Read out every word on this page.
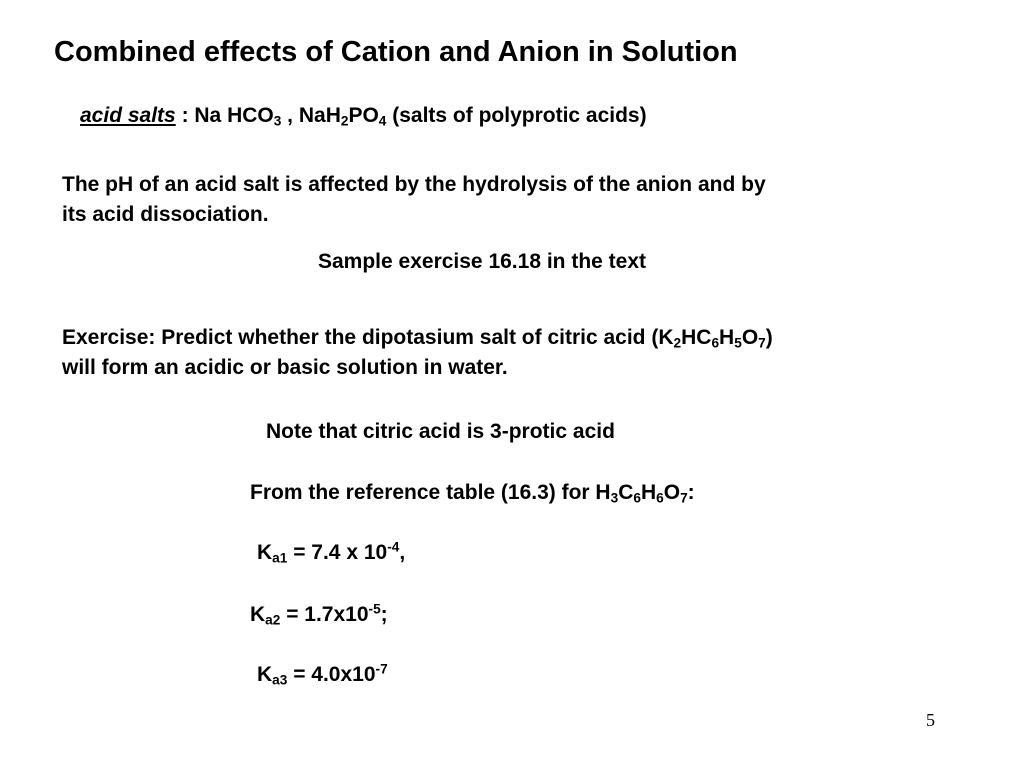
Combined effects of Cation and Anion in Solution
acid salts : Na $HCO_3$ , $NaH_2PO_4$ (salts of polyprotic acids)
The pH of an acid salt is affected by the hydrolysis of the anion and by
its acid dissociation.
Sample exercise 16.18 in the text
Exercise: Predict whether the dipotasium salt of citric acid $(K_2HC_6H_5O_7)$
will form an acidic or basic solution in water.
Note that citric acid is 3-protic acid
From the reference table (16.3) for $H_3C_6H_6O_7$:
$K_{a1} = 7.4$ x $10^{-4}$,
$K_{a2} = 1.7x10^{-5}$;
$K_{a3} = 4.0x10^{-7}$
5
